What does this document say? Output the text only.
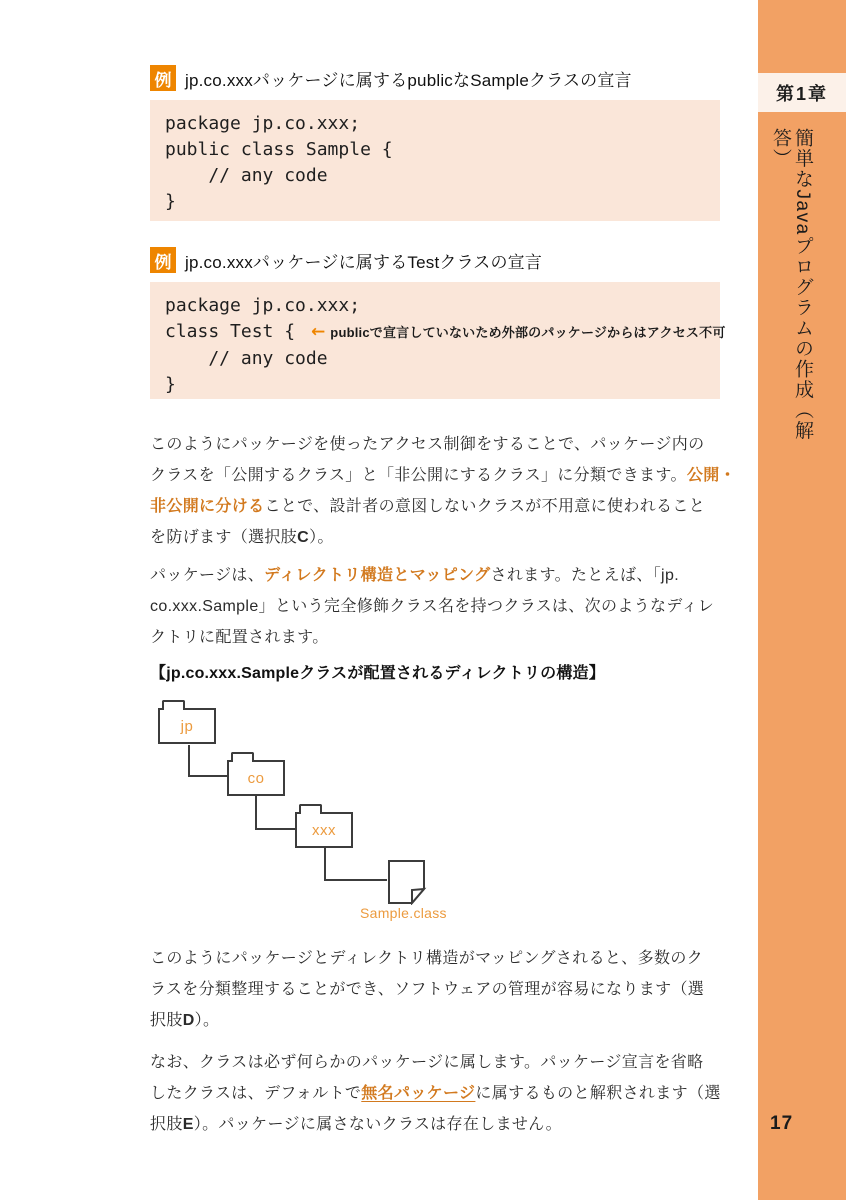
例 jp.co.xxxパッケージに属するpublicなSampleクラスの宣言
package jp.co.xxx;
public class Sample {
// any code
}
例 jp.co.xxxパッケージに属するTestクラスの宣言
package jp.co.xxx;
class Test { ← publicで宣言していないため外部のパッケージからはアクセス不可
// any code
}
このようにパッケージを使ったアクセス制御をすることで、パッケージ内の
クラスを「公開するクラス」と「非公開にするクラス」に分類できます。公開・
非公開に分けることで、設計者の意図しないクラスが不用意に使われること
を防げます（選択肢C）。
パッケージは、ディレクトリ構造とマッピングされます。たとえば、「jp.
co.xxx.Sample」という完全修飾クラス名を持つクラスは、次のようなディレ
クトリに配置されます。
【jp.co.xxx.Sampleクラスが配置されるディレクトリの構造】
jp
co
xxx
Sample.class
このようにパッケージとディレクトリ構造がマッピングされると、多数のク
ラスを分類整理することができ、ソフトウェアの管理が容易になります（選
択肢D）。
なお、クラスは必ず何らかのパッケージに属します。パッケージ宣言を省略
したクラスは、デフォルトで無名パッケージに属するものと解釈されます（選
択肢E）。パッケージに属さないクラスは存在しません。
第1章
簡単なJavaプログラムの作成（解答）
17
